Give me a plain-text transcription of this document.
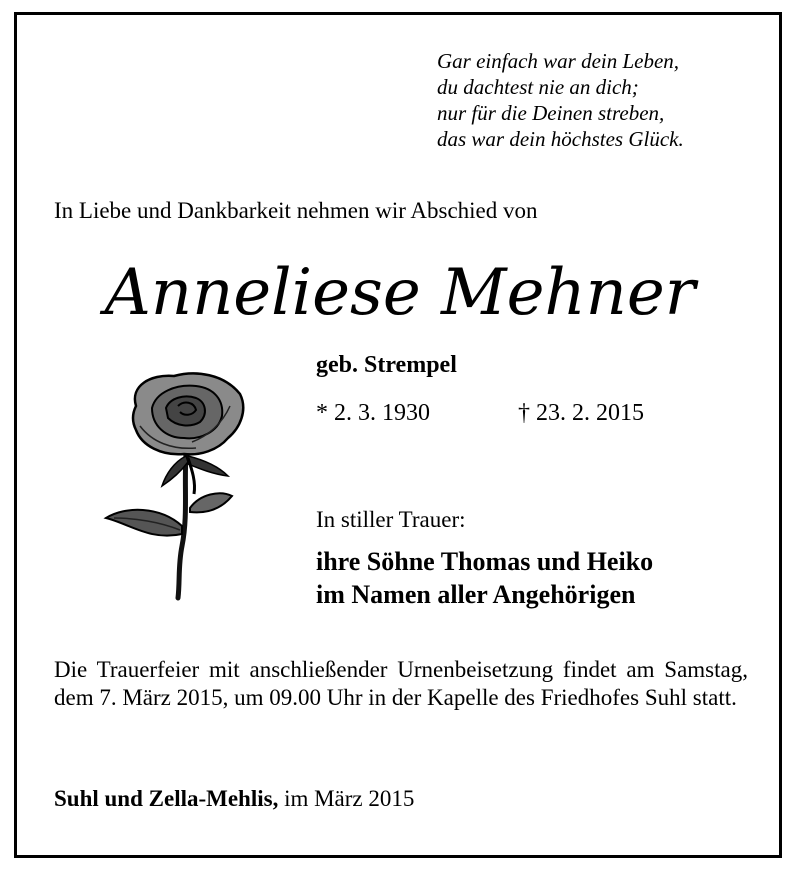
Gar einfach war dein Leben,
du dachtest nie an dich;
nur für die Deinen streben,
das war dein höchstes Glück.
In Liebe und Dankbarkeit nehmen wir Abschied von
Anneliese Mehner
geb. Strempel
* 2. 3. 1930	† 23. 2. 2015
In stiller Trauer:
ihre Söhne Thomas und Heiko
im Namen aller Angehörigen
Die Trauerfeier mit anschließender Urnenbeisetzung findet am Samstag, dem 7. März 2015, um 09.00 Uhr in der Kapelle des Friedhofes Suhl statt.
Suhl und Zella-Mehlis, im März 2015
